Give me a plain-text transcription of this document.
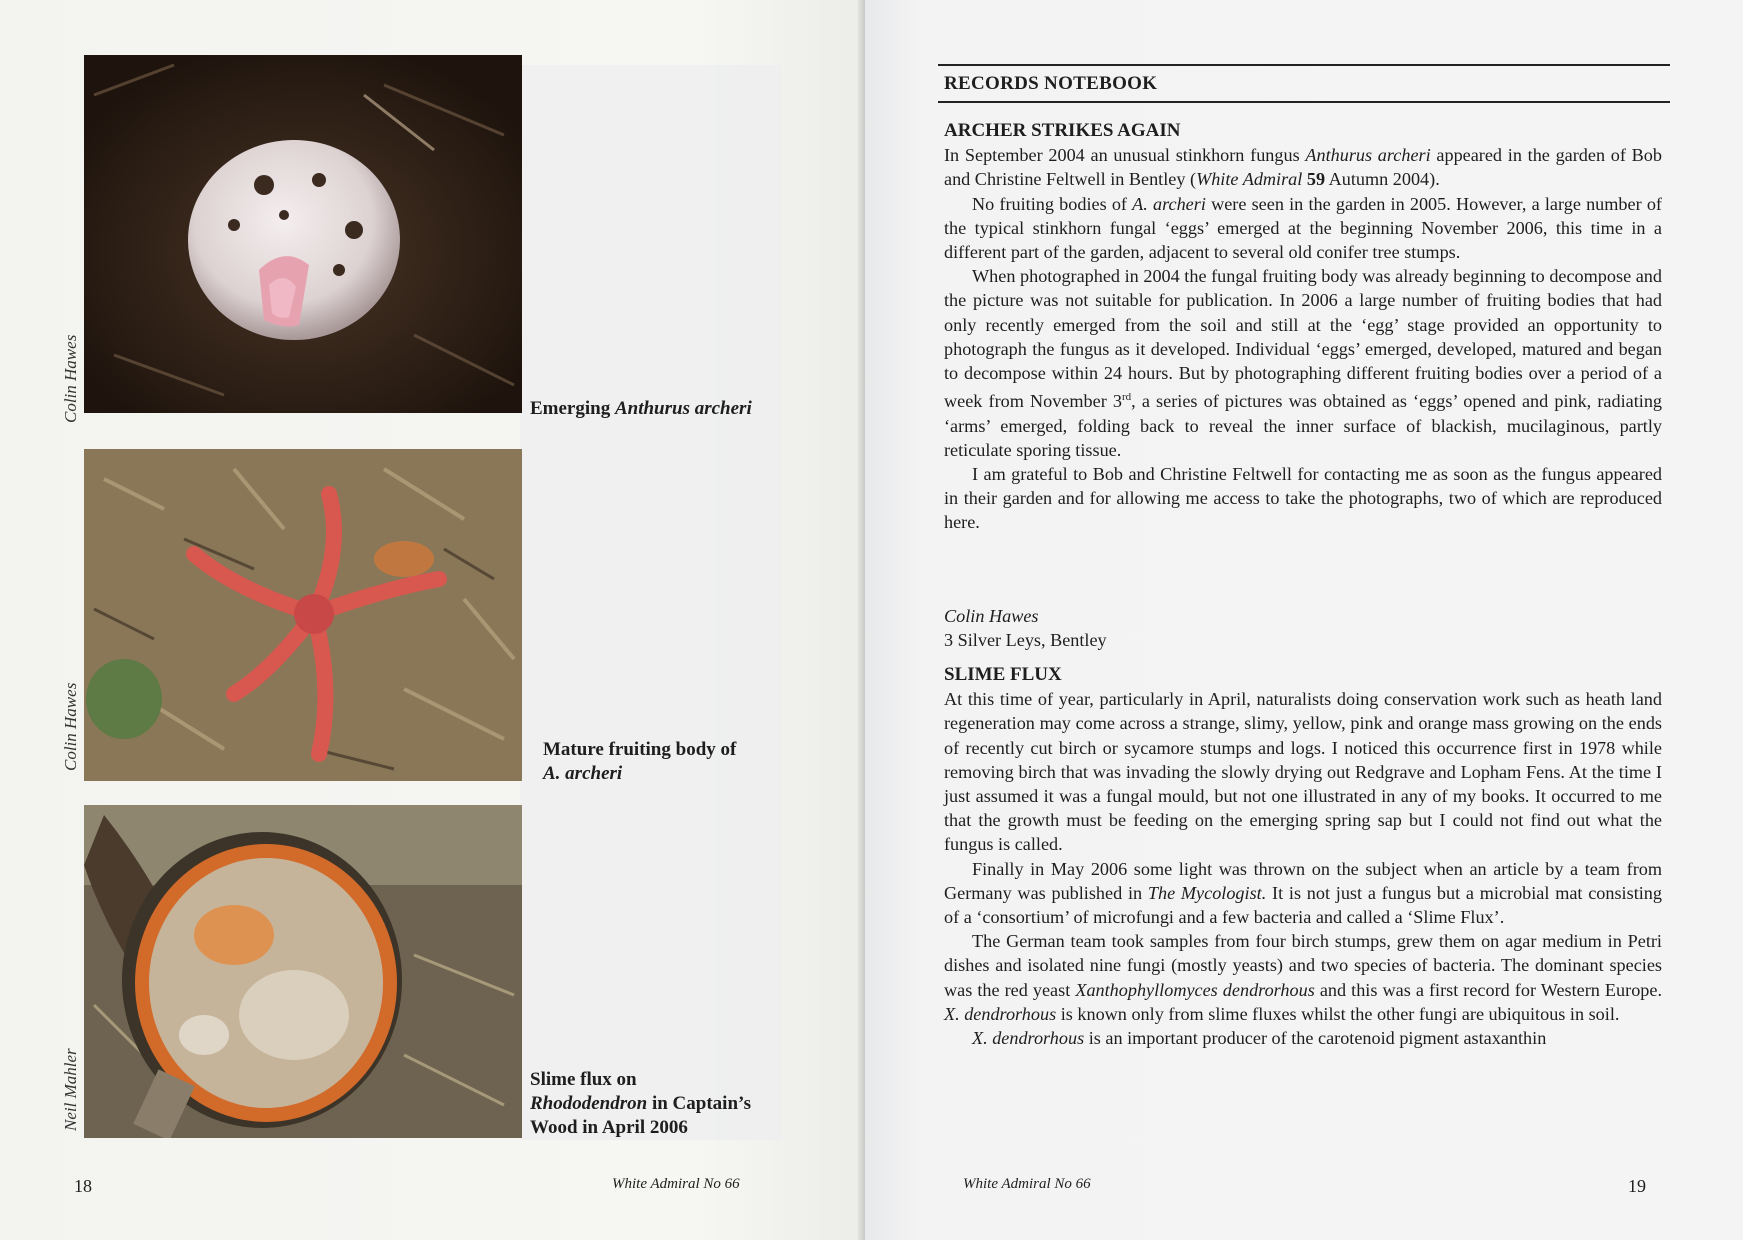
Colin Hawes	Emerging Anthurus archeri
Colin Hawes	Mature fruiting body of
A. archeri
Neil Mahler	Slime flux on
Rhododendron in Captain’s
Wood in April 2006
18	White Admiral No 66
RECORDS NOTEBOOK
ARCHER STRIKES AGAIN

In September 2004 an unusual stinkhorn fungus Anthurus archeri appeared in the garden of Bob and Christine Feltwell in Bentley (White Admiral 59 Autumn 2004).

No fruiting bodies of A. archeri were seen in the garden in 2005. However, a large number of the typical stinkhorn fungal ‘eggs’ emerged at the beginning November 2006, this time in a different part of the garden, adjacent to several old conifer tree stumps.

When photographed in 2004 the fungal fruiting body was already beginning to decompose and the picture was not suitable for publication. In 2006 a large number of fruiting bodies that had only recently emerged from the soil and still at the ‘egg’ stage provided an opportunity to photograph the fungus as it developed. Individual ‘eggs’ emerged, developed, matured and began to decompose within 24 hours. But by photographing different fruiting bodies over a period of a week from November 3rd, a series of pictures was obtained as ‘eggs’ opened and pink, radiating ‘arms’ emerged, folding back to reveal the inner surface of blackish, mucilaginous, partly reticulate sporing tissue.

I am grateful to Bob and Christine Feltwell for contacting me as soon as the fungus appeared in their garden and for allowing me access to take the photographs, two of which are reproduced here.

Colin Hawes
3 Silver Leys, Bentley
SLIME FLUX

At this time of year, particularly in April, naturalists doing conservation work such as heath land regeneration may come across a strange, slimy, yellow, pink and orange mass growing on the ends of recently cut birch or sycamore stumps and logs. I noticed this occurrence first in 1978 while removing birch that was invading the slowly drying out Redgrave and Lopham Fens. At the time I just assumed it was a fungal mould, but not one illustrated in any of my books. It occurred to me that the growth must be feeding on the emerging spring sap but I could not find out what the fungus is called.

Finally in May 2006 some light was thrown on the subject when an article by a team from Germany was published in The Mycologist. It is not just a fungus but a microbial mat consisting of a ‘consortium’ of microfungi and a few bacteria and called a ‘Slime Flux’.

The German team took samples from four birch stumps, grew them on agar medium in Petri dishes and isolated nine fungi (mostly yeasts) and two species of bacteria. The dominant species was the red yeast Xanthophyllomyces dendrorhous and this was a first record for Western Europe. X. dendrorhous is known only from slime fluxes whilst the other fungi are ubiquitous in soil.

X. dendrorhous is an important producer of the carotenoid pigment astaxanthin

White Admiral No 66	19
